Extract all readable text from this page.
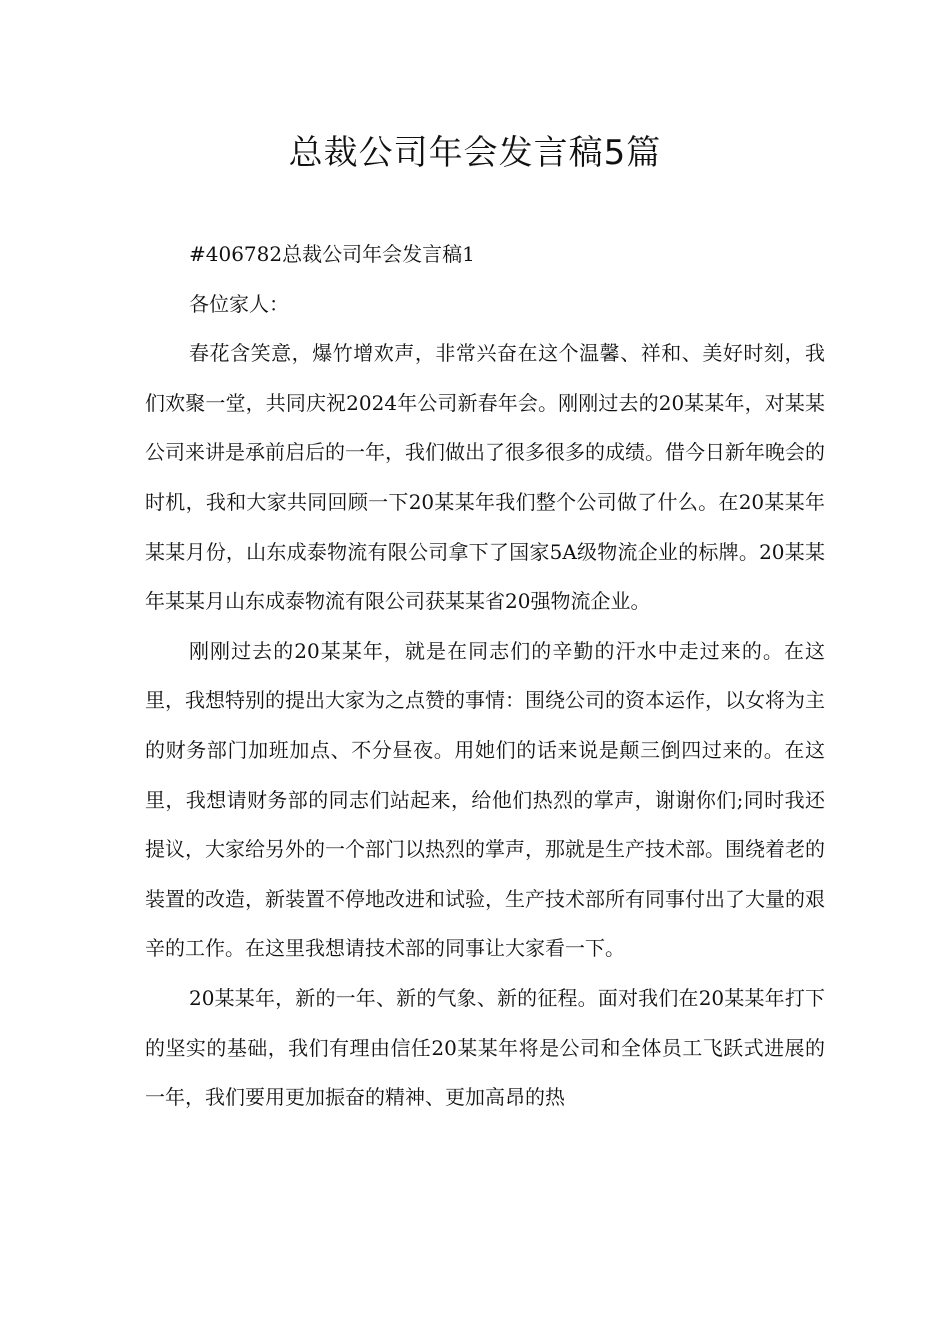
总裁公司年会发言稿5篇

#406782总裁公司年会发言稿1

各位家人：

春花含笑意，爆竹增欢声，非常兴奋在这个温馨、祥和、美好时刻，我们欢聚一堂，共同庆祝2024年公司新春年会。刚刚过去的20某某年，对某某公司来讲是承前启后的一年，我们做出了很多很多的成绩。借今日新年晚会的时机，我和大家共同回顾一下20某某年我们整个公司做了什么。在20某某年某某月份，山东成泰物流有限公司拿下了国家5A级物流企业的标牌。20某某年某某月山东成泰物流有限公司获某某省20强物流企业。

刚刚过去的20某某年，就是在同志们的辛勤的汗水中走过来的。在这里，我想特别的提出大家为之点赞的事情：围绕公司的资本运作，以女将为主的财务部门加班加点、不分昼夜。用她们的话来说是颠三倒四过来的。在这里，我想请财务部的同志们站起来，给他们热烈的掌声，谢谢你们;同时我还提议，大家给另外的一个部门以热烈的掌声，那就是生产技术部。围绕着老的装置的改造，新装置不停地改进和试验，生产技术部所有同事付出了大量的艰辛的工作。在这里我想请技术部的同事让大家看一下。

20某某年，新的一年、新的气象、新的征程。面对我们在20某某年打下的坚实的基础，我们有理由信任20某某年将是公司和全体员工飞跃式进展的一年，我们要用更加振奋的精神、更加高昂的热
